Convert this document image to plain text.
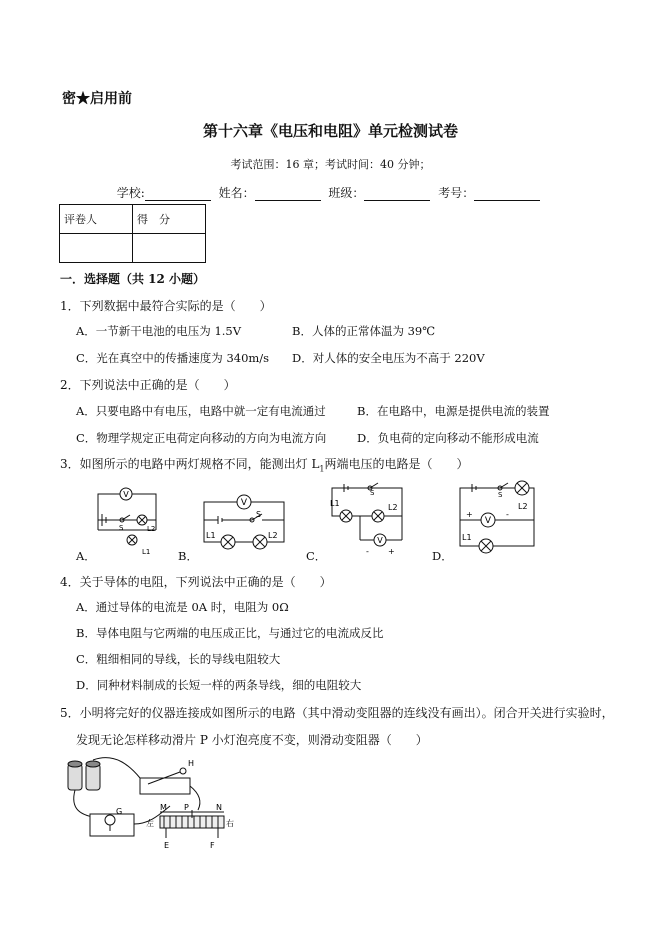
密★启用前
第十六章《电压和电阻》单元检测试卷
考试范围：16 章；考试时间：40 分钟；
学校:	姓名：	班级：	考号：
评卷人	得　分

一．选择题（共 12 小题）
1．下列数据中最符合实际的是（　　）
A．一节新干电池的电压为 1.5V	B．人体的正常体温为 39℃
C．光在真空中的传播速度为 340m/s D．对人体的安全电压为不高于 220V
2．下列说法中正确的是（　　）
A．只要电路中有电压，电路中就一定有电流通过	B．在电路中，电源是提供电流的装置
C．物理学规定正电荷定向移动的方向为电流方向	D．负电荷的定向移动不能形成电流
3．如图所示的电路中两灯规格不同，能测出灯 $L_1$两端电压的电路是（　　）
A．	B．	C．	D．
V
S	L2
L1
V
S
L1	L2
L1	L2
S
V
- +
S
L2
V
+	-
L1
4．关于导体的电阻，下列说法中正确的是（　　）
A．通过导体的电流是 0A 时，电阻为 0Ω
B．导体电阻与它两端的电压成正比，与通过它的电流成反比
C．粗细相同的导线，长的导线电阻较大
D．同种材料制成的长短一样的两条导线，细的电阻较大
5．小明将完好的仪器连接成如图所示的电路（其中滑动变阻器的连线没有画出）。闭合开关进行实验时，
发现无论怎样移动滑片 P 小灯泡亮度不变，则滑动变阻器（　　）
H
G	M P	N
左	右
E	F
